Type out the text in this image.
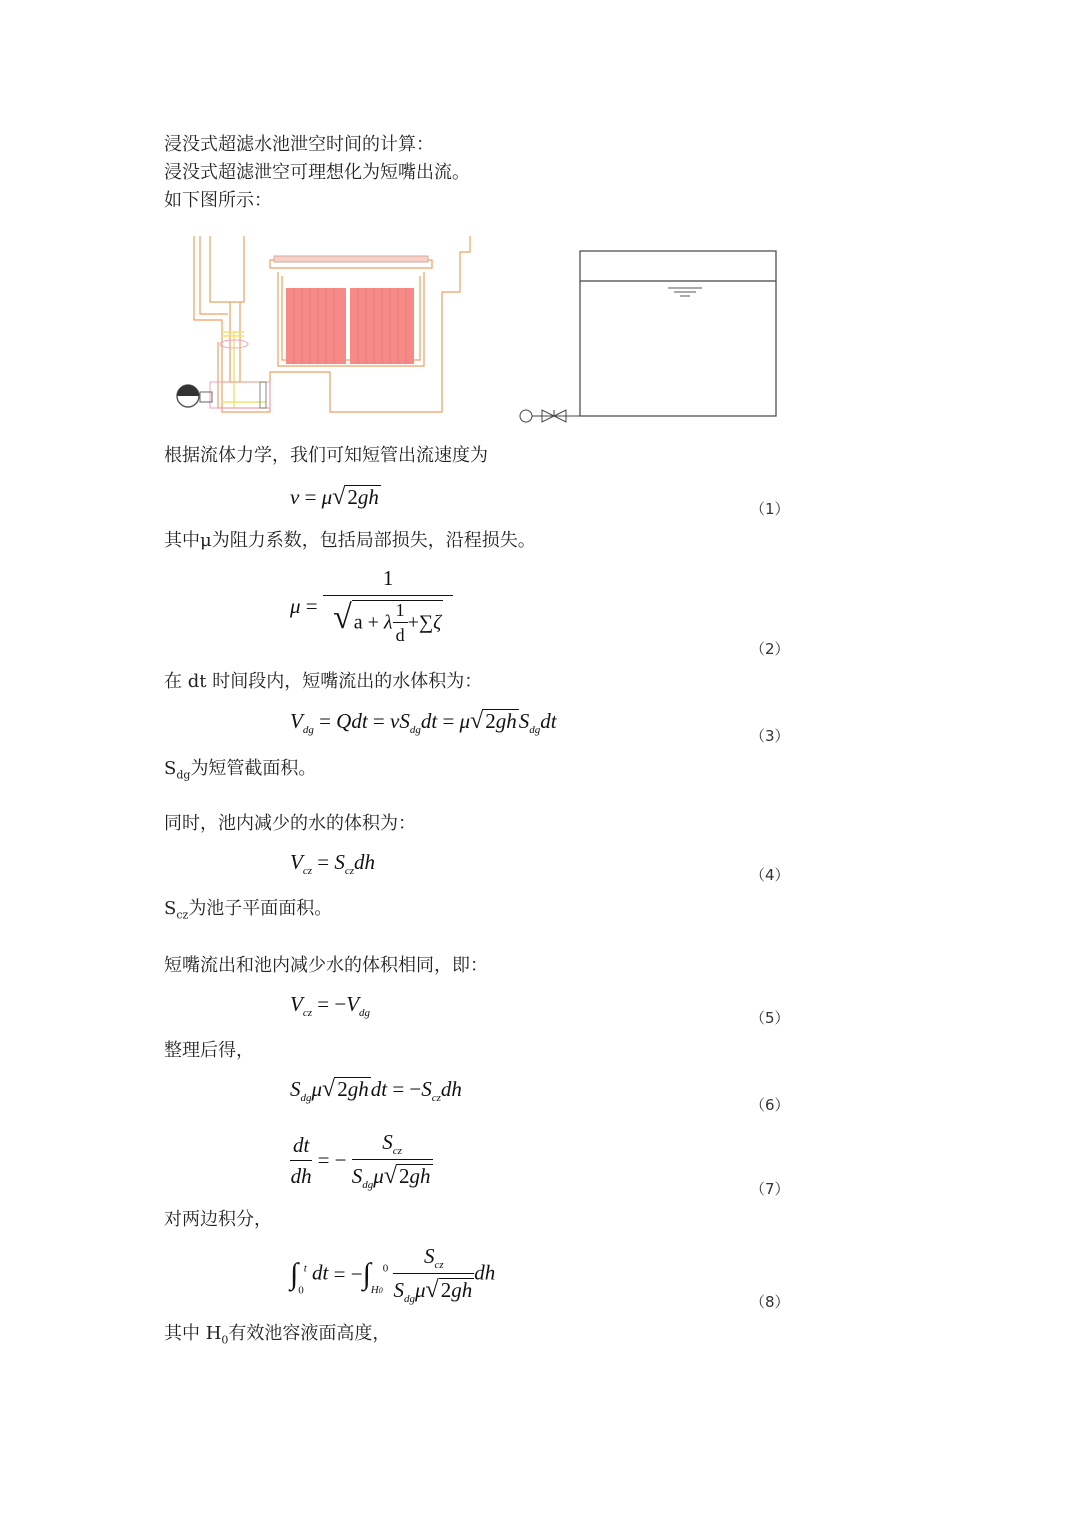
浸没式超滤水池泄空时间的计算：
浸没式超滤泄空可理想化为短嘴出流。
如下图所示：
根据流体力学，我们可知短管出流速度为
v = μ√2gh	（1）
其中μ为阻力系数，包括局部损失，沿程损失。
$\mu = \frac{1}{√ a + \lambda \frac{1}{d} +\sum\zeta}$
（2）
在 dt 时间段内，短嘴流出的水体积为：
$V_{dg}$ = Qdt = $vS_{dg}dt = \mu√2ghS_{dg}dt$
（3）
$S_{dg}$为短管截面积。
同时，池内减少的水的体积为：
$V_{cz} = S_{cz}dh$
（4）
$S_{cz}$为池子平面面积。
短嘴流出和池内减少水的体积相同，即：
$V_{cz} = -V_{dg}$	（5）
整理后得，
$S_{dg}\mu√2ghdt = -S_{cz}dh$
（6）
$\frac{dt}{dh}$ = − $\frac{S_{cz}}{S_{dg}\mu√2gh}$	（7）
对两边积分，
$\int_0^t$ dt = $-\int_{H0}^0 \frac{S_{cz}}{S_{dg}\mu√2gh}$ dh
（8）
其中 $H_0$有效池容液面高度，
